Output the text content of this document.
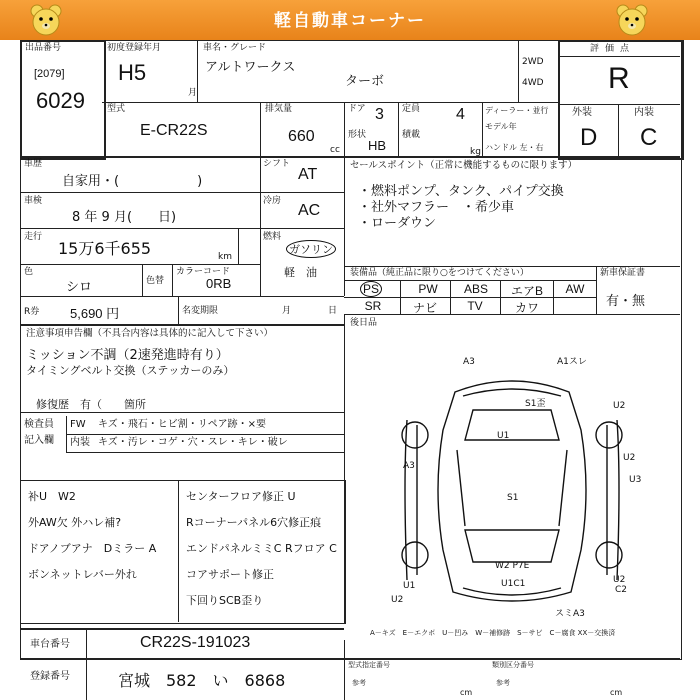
軽自動車コーナー
出品番号
[2079]
6029
初度登録年月
H5
月
車名・グレード
アルトワークス
ターボ
2WD
4WD
評価点
R
外装	内装
D C
型式
E-CR22S
排気量
660
cc
ドア 3
形状
HB
定員 4
積載
kg
ディーラー・並行
モデル年
ハンドル 左・右
車歴
自家用・(　　　　　　)
シフト
AT
車検
8 年 9 月(　　日)
冷房
AC
走行
15万6千655	km
燃料
ガソリン
軽　油
色
シロ	色替
カラーコード
0RB
R券 5,690 円	名変期限	月	日
セールスポイント（正常に機能するものに限ります）
・燃料ポンプ、タンク、パイプ交換
・社外マフラー　・希少車
・ローダウン
装備品（純正品に限り○をつけてください）	新車保証書
有・無
PS	PW	ABS	エアB	AW
SR	ナビ	TV	カワ
後日品
注意事項申告欄（不具合内容は具体的に記入して下さい）
ミッション不調（2速発進時有り）
タイミングベルト交換（ステッカーのみ）
修復歴　有（　　箇所
検査員
記入欄
FW キズ・飛石・ヒビ割・リペア跡・×要
内装 キズ・汚レ・コゲ・穴・スレ・キレ・破レ
补U　W2
外AW欠 外ハレ補?
ドアノブアナ　Dミラー A
ボンネットレバー外れ
センターフロア修正 U
Rコーナーパネル6穴修正痕
エンドパネルミミC Rフロア C
コアサポート修正
下回りSCB歪り
A3	A1スレ
S1歪	U2
U1
A3
U2
U3
S1
W2 P7E
U1C1
U1
U2
C2
U2
スミA3
A－キズ　E－エクボ　U－凹み　W－補修跡　S－サビ　C－腐食 XX－交換済
車台番号	CR22S-191023
登録番号	宮城　582　い　6868
型式指定番号	類別区分番号
参考	参考
cm	cm
